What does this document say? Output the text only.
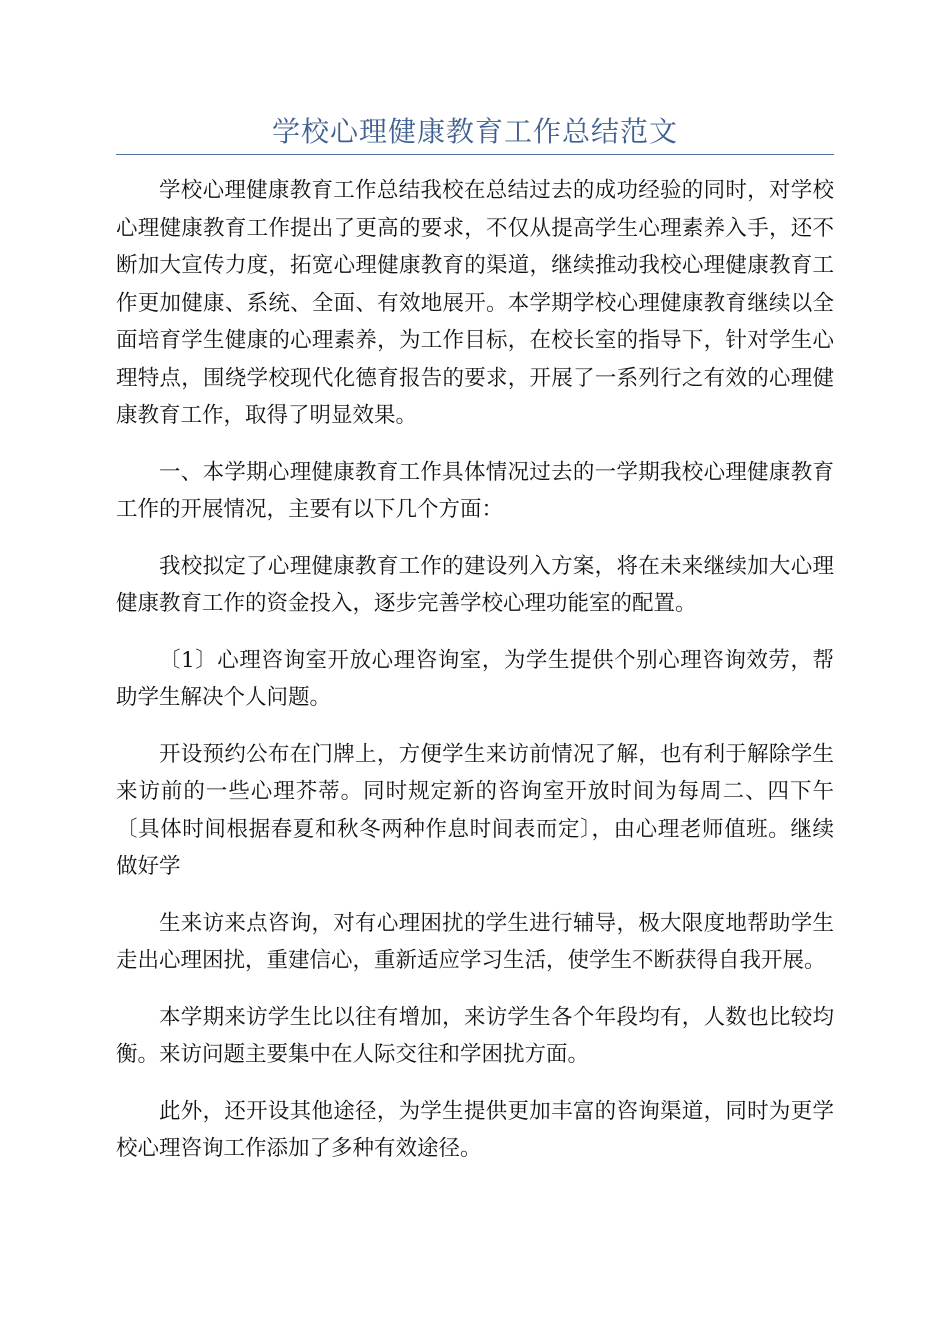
学校心理健康教育工作总结范文

学校心理健康教育工作总结我校在总结过去的成功经验的同时，对学校心理健康教育工作提出了更高的要求，不仅从提高学生心理素养入手，还不断加大宣传力度，拓宽心理健康教育的渠道，继续推动我校心理健康教育工作更加健康、系统、全面、有效地展开。本学期学校心理健康教育继续以全面培育学生健康的心理素养，为工作目标，在校长室的指导下，针对学生心理特点，围绕学校现代化德育报告的要求，开展了一系列行之有效的心理健康教育工作，取得了明显效果。

一、本学期心理健康教育工作具体情况过去的一学期我校心理健康教育工作的开展情况，主要有以下几个方面：

我校拟定了心理健康教育工作的建设列入方案，将在未来继续加大心理健康教育工作的资金投入，逐步完善学校心理功能室的配置。

〔1〕心理咨询室开放心理咨询室，为学生提供个别心理咨询效劳，帮助学生解决个人问题。

开设预约公布在门牌上，方便学生来访前情况了解，也有利于解除学生来访前的一些心理芥蒂。同时规定新的咨询室开放时间为每周二、四下午〔具体时间根据春夏和秋冬两种作息时间表而定〕，由心理老师值班。继续做好学

生来访来点咨询，对有心理困扰的学生进行辅导，极大限度地帮助学生走出心理困扰，重建信心，重新适应学习生活，使学生不断获得自我开展。

本学期来访学生比以往有增加，来访学生各个年段均有，人数也比较均衡。来访问题主要集中在人际交往和学困扰方面。

此外，还开设其他途径，为学生提供更加丰富的咨询渠道，同时为更学校心理咨询工作添加了多种有效途径。
